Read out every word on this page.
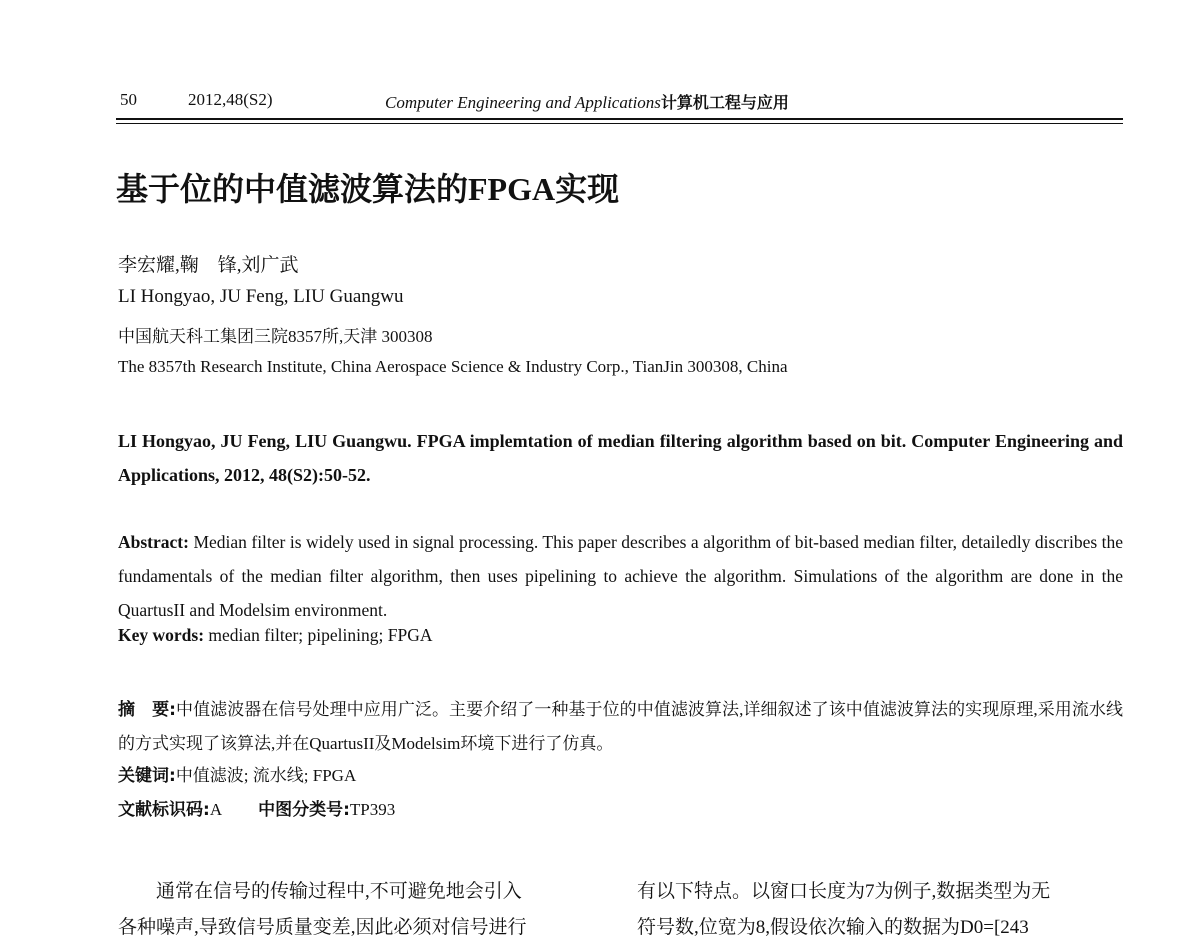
50	2012,48(S2)	Computer Engineering and Applications计算机工程与应用
基于位的中值滤波算法的FPGA实现
李宏耀,鞠　锋,刘广武
LI Hongyao, JU Feng, LIU Guangwu
中国航天科工集团三院8357所,天津 300308
The 8357th Research Institute, China Aerospace Science & Industry Corp., TianJin 300308, China
LI Hongyao, JU Feng, LIU Guangwu. FPGA implemtation of median filtering algorithm based on bit. Computer Engineering and Applications, 2012, 48(S2):50-52.
Abstract: Median filter is widely used in signal processing. This paper describes a algorithm of bit-based median filter, detailedly discribes the fundamentals of the median filter algorithm, then uses pipelining to achieve the algorithm. Simulations of the algorithm are done in the QuartusII and Modelsim environment.
Key words: median filter; pipelining; FPGA
摘　要:中值滤波器在信号处理中应用广泛。主要介绍了一种基于位的中值滤波算法,详细叙述了该中值滤波算法的实现原理,采用流水线的方式实现了该算法,并在QuartusII及Modelsim环境下进行了仿真。
关键词:中值滤波; 流水线; FPGA
文献标识码:A 中图分类号:TP393

通常在信号的传输过程中,不可避免地会引入

各种噪声,导致信号质量变差,因此必须对信号进行

有以下特点。以窗口长度为7为例子,数据类型为无

符号数,位宽为8,假设依次输入的数据为D0=[243
